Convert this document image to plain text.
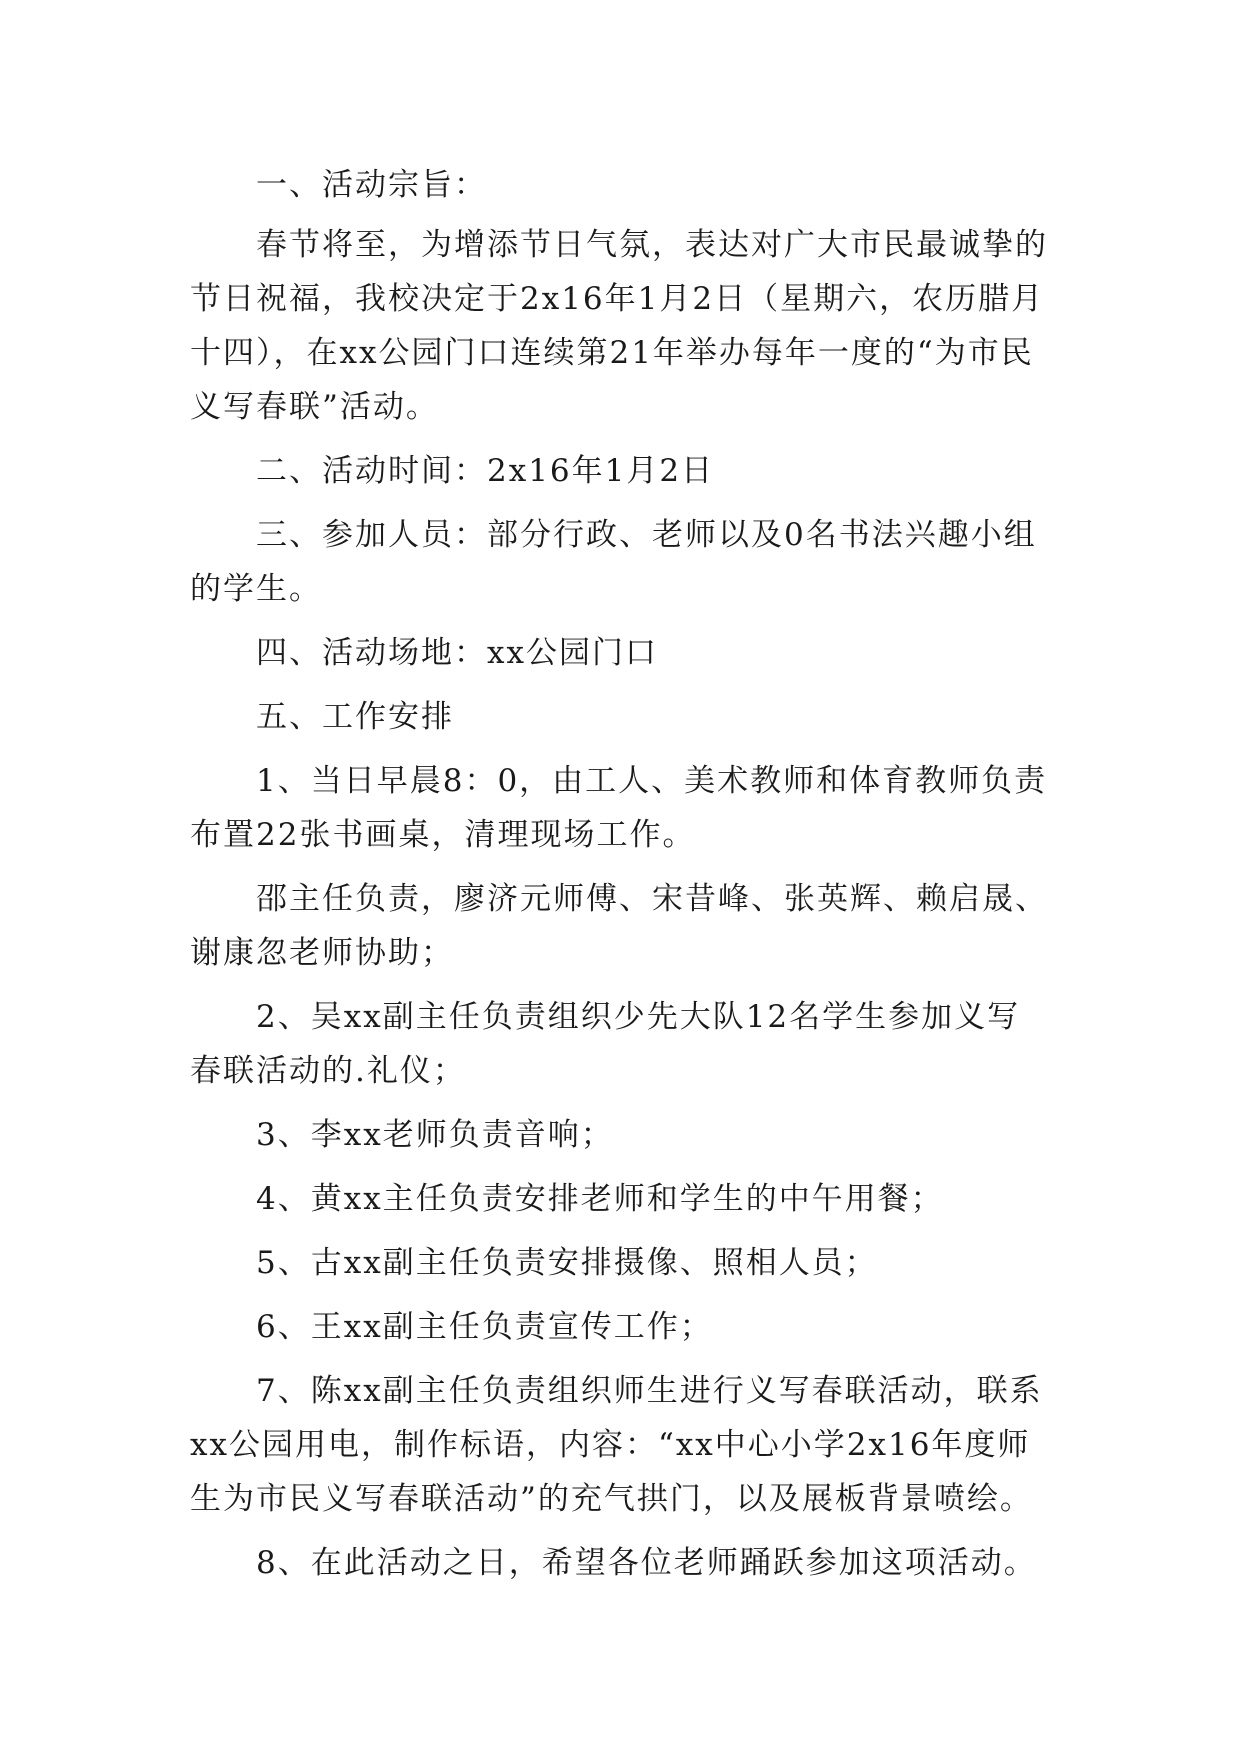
一、活动宗旨：

春节将至，为增添节日气氛，表达对广大市民最诚挚的节日祝福，我校决定于2x16年1月2日（星期六，农历腊月十四），在xx公园门口连续第21年举办每年一度的“为市民义写春联”活动。

二、活动时间：2x16年1月2日

三、参加人员：部分行政、老师以及0名书法兴趣小组的学生。

四、活动场地：xx公园门口

五、工作安排

1、当日早晨8：0，由工人、美术教师和体育教师负责布置22张书画桌，清理现场工作。

邵主任负责，廖济元师傅、宋昔峰、张英辉、赖启晟、谢康忽老师协助；

2、吴xx副主任负责组织少先大队12名学生参加义写春联活动的.礼仪；

3、李xx老师负责音响；

4、黄xx主任负责安排老师和学生的中午用餐；

5、古xx副主任负责安排摄像、照相人员；

6、王xx副主任负责宣传工作；

7、陈xx副主任负责组织师生进行义写春联活动，联系xx公园用电，制作标语，内容：“xx中心小学2x16年度师生为市民义写春联活动”的充气拱门，以及展板背景喷绘。

8、在此活动之日，希望各位老师踊跃参加这项活动。
